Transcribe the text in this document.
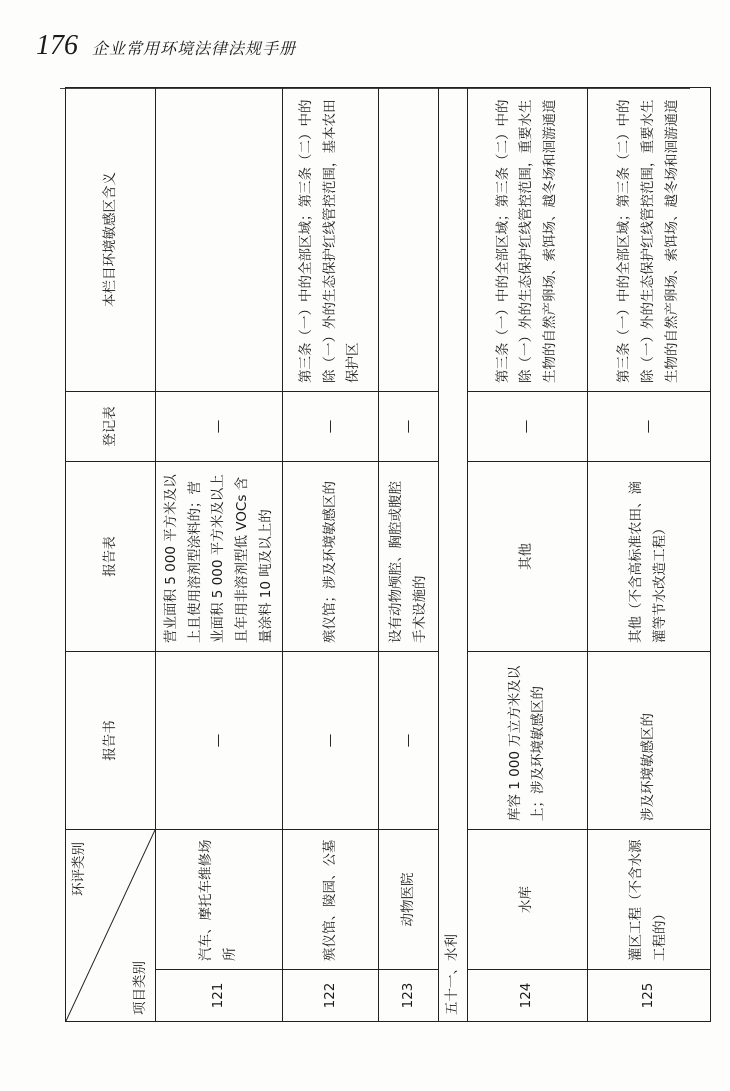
176 企业常用环境法律法规手册
环评类别
项目类别		报告书	报告表	登记表	本栏目环境敏感区含义
121	汽车、摩托车维修场所	—	营业面积 5 000 平方米及以上且使用溶剂型涂料的；营业面积 5 000 平方米及以上且年用非溶剂型低 VOCs 含量涂料 10 吨及以上的	—	
122	殡仪馆、陵园、公墓	—	殡仪馆；涉及环境敏感区的	—	第三条（一）中的全部区域；第三条（二）中的除（一）外的生态保护红线管控范围，基本农田保护区
123	动物医院	—	设有动物颅腔、胸腔或腹腔手术设施的	—	
五十一、水利					
124	水库	库容 1 000 万立方米及以上；涉及环境敏感区的	其他	—	第三条（一）中的全部区域；第三条（二）中的除（一）外的生态保护红线管控范围，重要水生生物的自然产卵场、索饵场、越冬场和洄游通道
125	灌区工程（不含水源工程的）	涉及环境敏感区的	其他（不含高标准农田、滴灌等节水改造工程）	—	第三条（一）中的全部区域；第三条（二）中的除（一）外的生态保护红线管控范围，重要水生生物的自然产卵场、索饵场、越冬场和洄游通道
